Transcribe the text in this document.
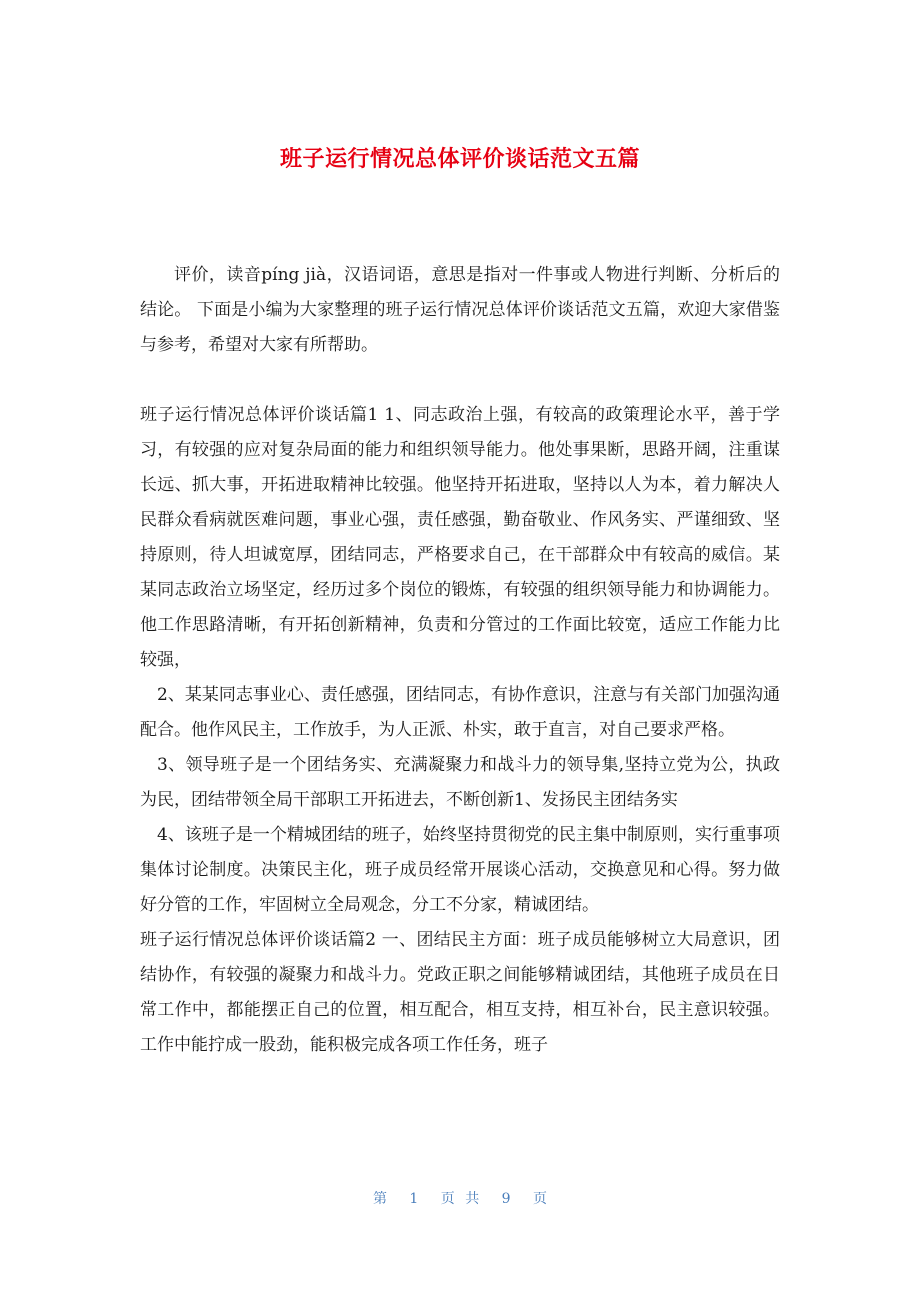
班子运行情况总体评价谈话范文五篇

评价，读音píng jià，汉语词语，意思是指对一件事或人物进行判断、分析后的结论。 下面是小编为大家整理的班子运行情况总体评价谈话范文五篇，欢迎大家借鉴与参考，希望对大家有所帮助。

班子运行情况总体评价谈话篇1 1、同志政治上强，有较高的政策理论水平，善于学习，有较强的应对复杂局面的能力和组织领导能力。他处事果断，思路开阔，注重谋长远、抓大事，开拓进取精神比较强。他坚持开拓进取，坚持以人为本，着力解决人民群众看病就医难问题，事业心强，责任感强，勤奋敬业、作风务实、严谨细致、坚持原则，待人坦诚宽厚，团结同志，严格要求自己，在干部群众中有较高的威信。某某同志政治立场坚定，经历过多个岗位的锻炼，有较强的组织领导能力和协调能力。他工作思路清晰，有开拓创新精神，负责和分管过的工作面比较宽，适应工作能力比较强，

2、某某同志事业心、责任感强，团结同志，有协作意识，注意与有关部门加强沟通配合。他作风民主，工作放手，为人正派、朴实，敢于直言，对自己要求严格。

3、领导班子是一个团结务实、充满凝聚力和战斗力的领导集,坚持立党为公，执政为民，团结带领全局干部职工开拓进去，不断创新1、发扬民主团结务实

4、该班子是一个精城团结的班子，始终坚持贯彻党的民主集中制原则，实行重事项集体讨论制度。决策民主化，班子成员经常开展谈心活动，交换意见和心得。努力做好分管的工作，牢固树立全局观念，分工不分家，精诚团结。

班子运行情况总体评价谈话篇2 一、团结民主方面：班子成员能够树立大局意识，团结协作，有较强的凝聚力和战斗力。党政正职之间能够精诚团结，其他班子成员在日常工作中，都能摆正自己的位置，相互配合，相互支持，相互补台，民主意识较强。工作中能拧成一股劲，能积极完成各项工作任务，班子

第 1 页 共 9 页
